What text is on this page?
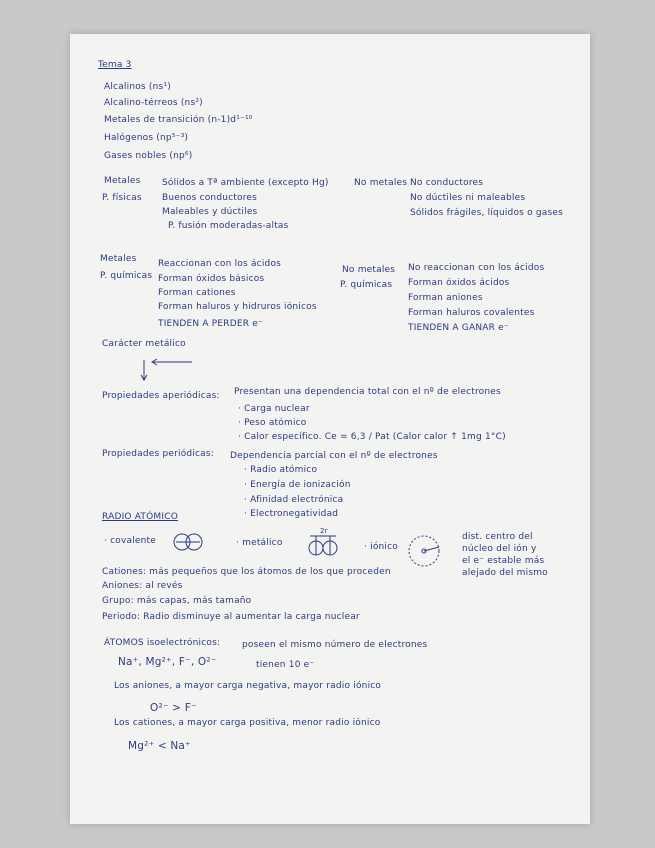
Tema 3
Alcalinos (ns¹)
Alcalino-térreos (ns²)
Metales de transición (n-1)d¹⁻¹⁰
Halógenos (np⁵⁻³)
Gases nobles (np⁶)
Metales
P. físicas
Sólidos a Tª ambiente (excepto Hg)
Buenos conductores
Maleables y dúctiles
P. fusión moderadas-altas
No metales No conductores
No dúctiles ni maleables
Sólidos frágiles, líquidos o gases
Metales
P. químicas
Reaccionan con los ácidos
Forman óxidos básicos
Forman cationes
Forman haluros y hidruros iónicos
TIENDEN A PERDER e⁻
No metales
P. químicas
No reaccionan con los ácidos
Forman óxidos ácidos
Forman aniones
Forman haluros covalentes
TIENDEN A GANAR e⁻
Carácter metálico
Propiedades aperiódicas: Presentan una dependencia total con el nº de electrones
· Carga nuclear
· Peso atómico
· Calor específico. Ce = 6,3 / Pat (Calor calor ↑ 1mg 1°C)
Propiedades periódicas: Dependencia parcial con el nº de electrones
· Radio atómico
· Energía de ionización
· Afinidad electrónica
· Electronegatividad
RADIO ATÓMICO
· covalente	· metálico
2r
· iónico
dist. centro del
núcleo del ión y
el e⁻ estable más
alejado del mismo
Cationes: más pequeños que los átomos de los que proceden
Aniones: al revés
Grupo: más capas, más tamaño
Periodo: Radio disminuye al aumentar la carga nuclear
ÁTOMOS isoelectrónicos: poseen el mismo número de electrones
Na⁺, Mg²⁺, F⁻, O²⁻	tienen 10 e⁻
Los aniones, a mayor carga negativa, mayor radio iónico
O²⁻ > F⁻
Los cationes, a mayor carga positiva, menor radio iónico
Mg²⁺ < Na⁺
